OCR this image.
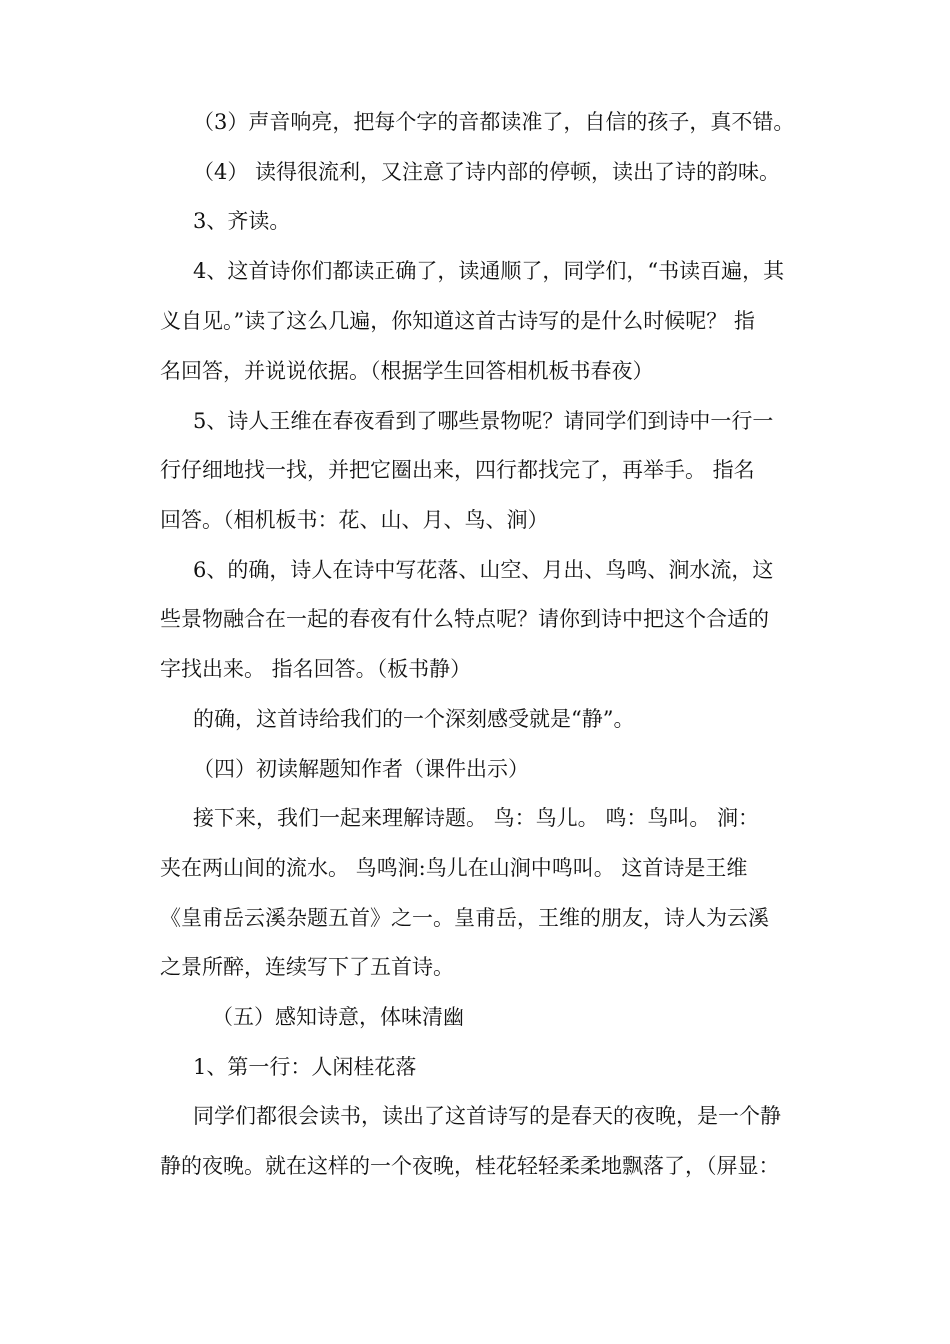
（3）声音响亮，把每个字的音都读准了，自信的孩子，真不错。
（4） 读得很流利，又注意了诗内部的停顿，读出了诗的韵味。
3、齐读。
4、这首诗你们都读正确了，读通顺了，同学们，“书读百遍，其
义自见。”读了这么几遍，你知道这首古诗写的是什么时候呢？ 指
名回答，并说说依据。（根据学生回答相机板书春夜）
5、诗人王维在春夜看到了哪些景物呢？请同学们到诗中一行一
行仔细地找一找，并把它圈出来，四行都找完了，再举手。 指名
回答。（相机板书：花、山、月、鸟、涧）
6、的确，诗人在诗中写花落、山空、月出、鸟鸣、涧水流，这
些景物融合在一起的春夜有什么特点呢？请你到诗中把这个合适的
字找出来。 指名回答。（板书静）
的确，这首诗给我们的一个深刻感受就是“静”。
（四）初读解题知作者（课件出示）
接下来，我们一起来理解诗题。 鸟：鸟儿。 鸣：鸟叫。 涧：
夹在两山间的流水。 鸟鸣涧:鸟儿在山涧中鸣叫。 这首诗是王维
《皇甫岳云溪杂题五首》之一。皇甫岳，王维的朋友，诗人为云溪
之景所醉，连续写下了五首诗。
（五）感知诗意，体味清幽
1、第一行：人闲桂花落
同学们都很会读书，读出了这首诗写的是春天的夜晚，是一个静
静的夜晚。就在这样的一个夜晚，桂花轻轻柔柔地飘落了，（屏显：
